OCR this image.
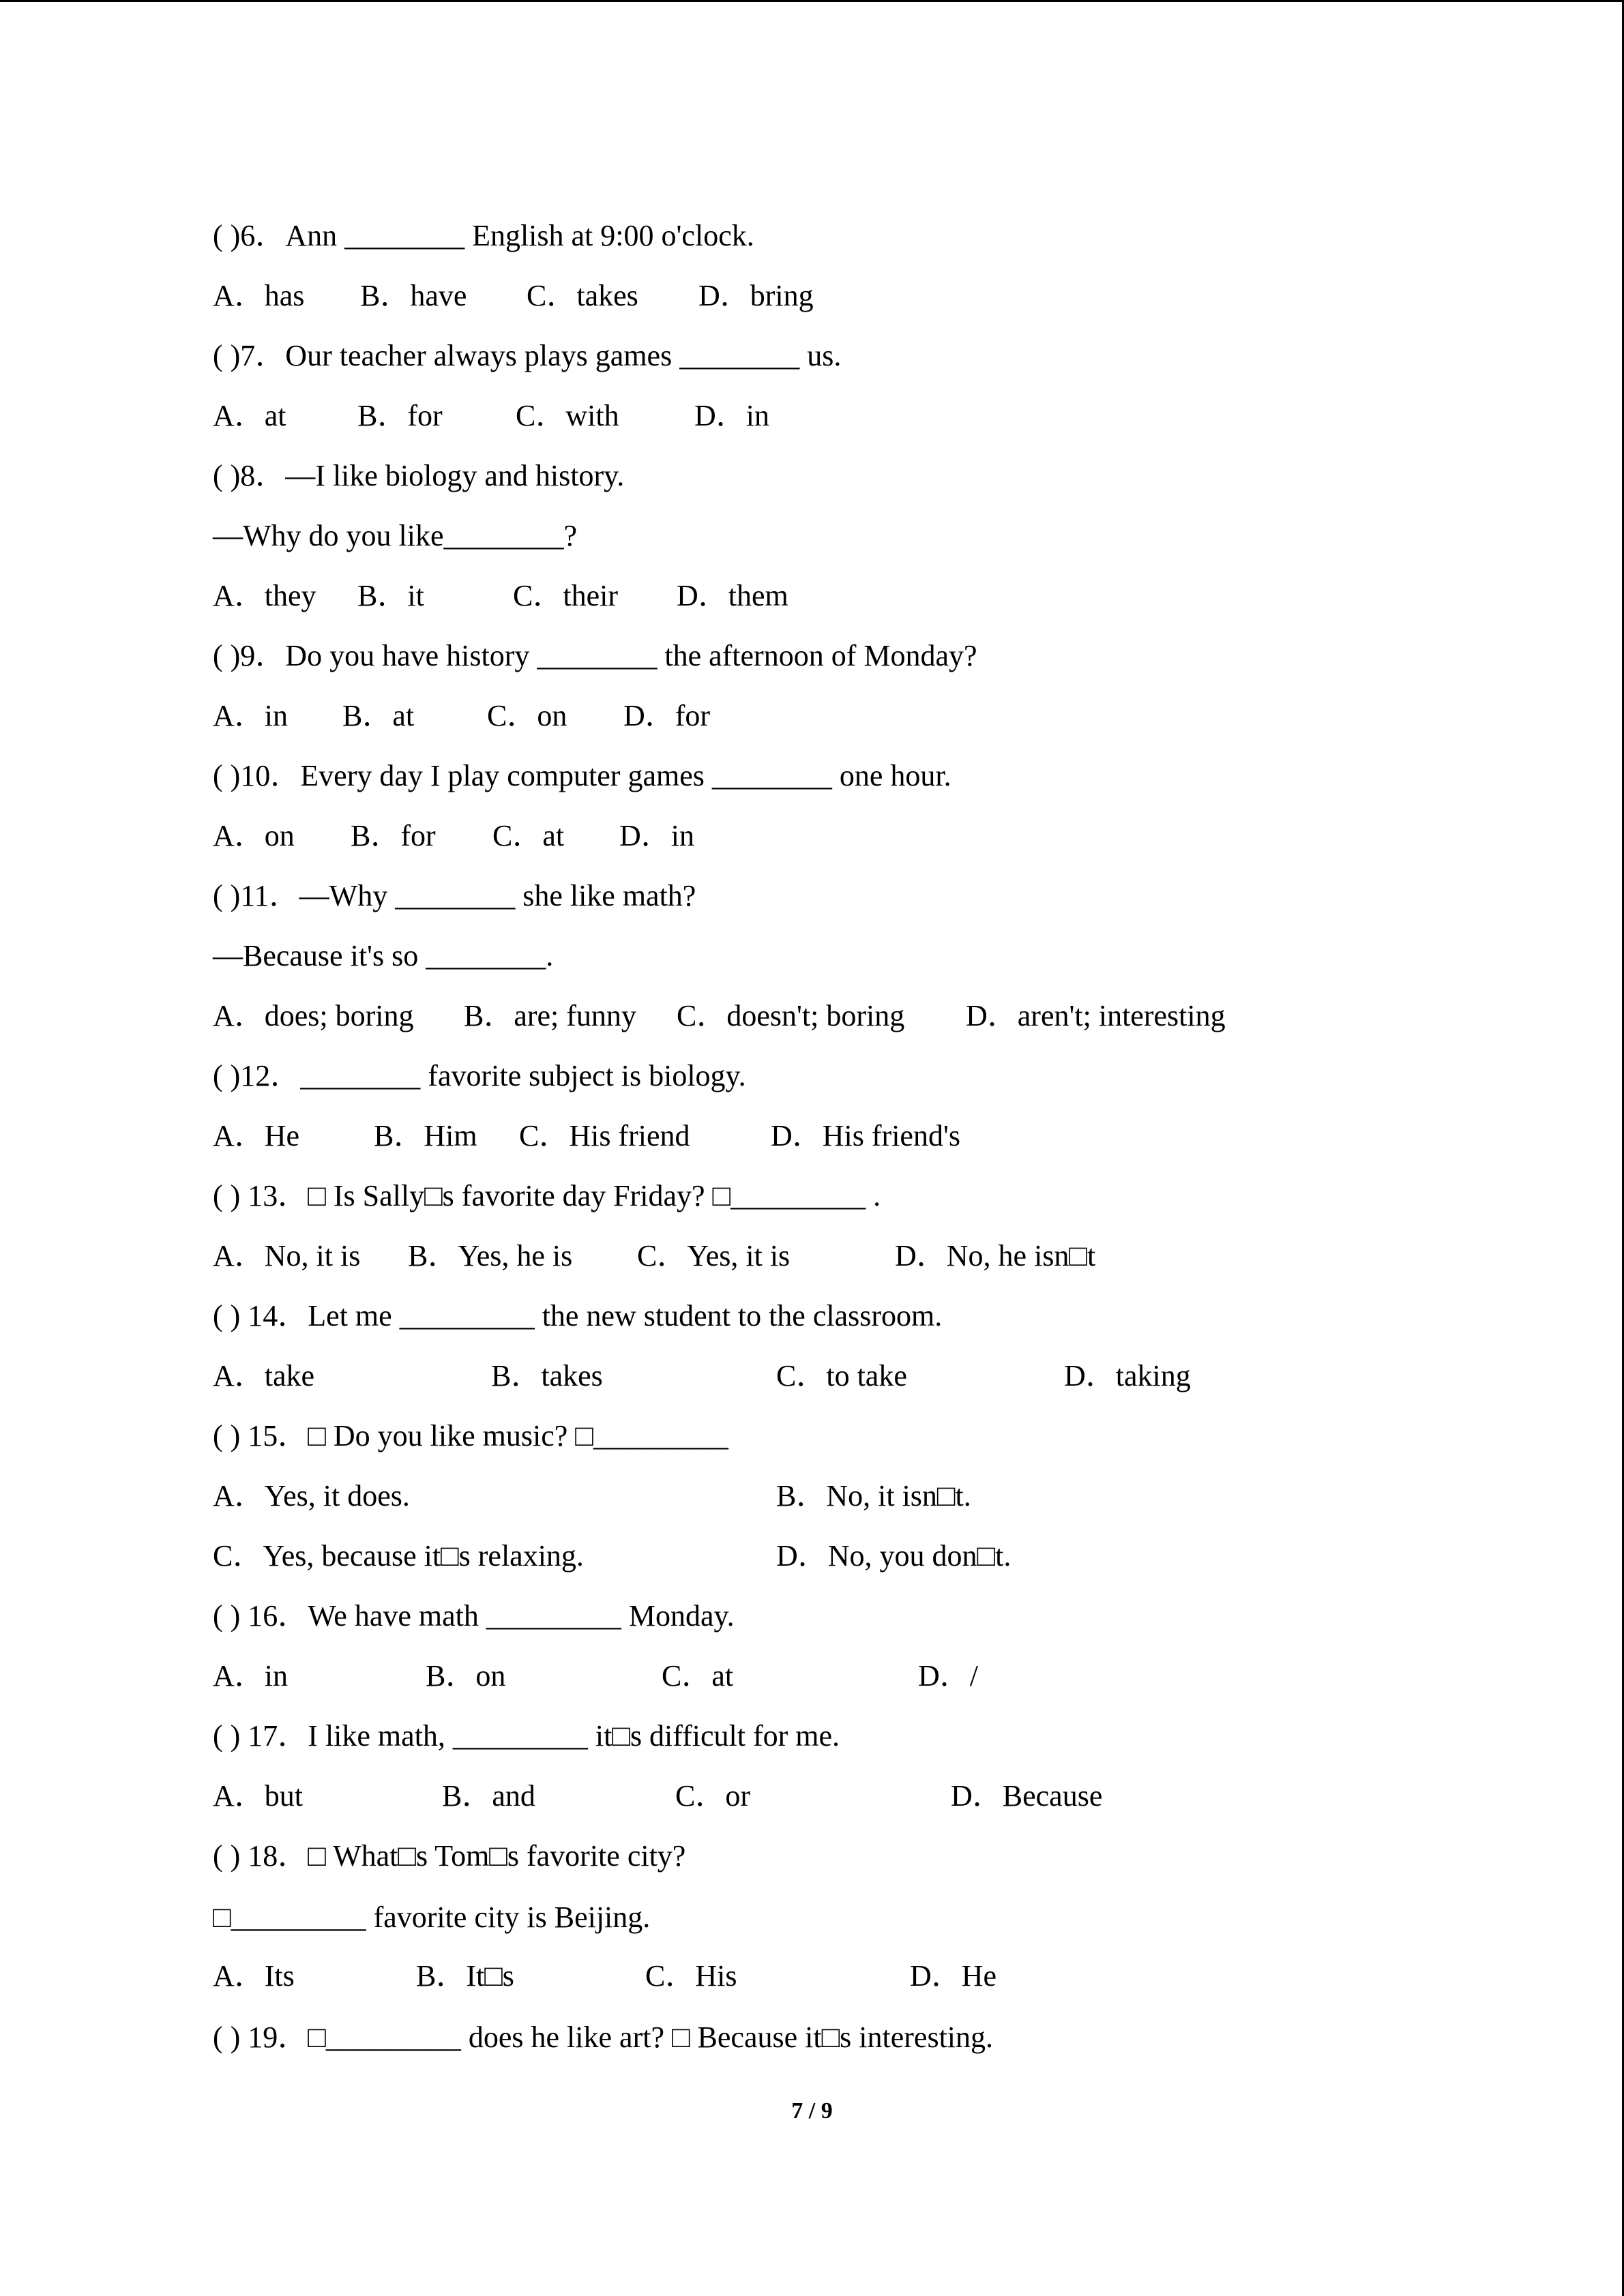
( )6．Ann ________ English at 9:00 o'clock.
A．has B．have C．takes D．bring
( )7．Our teacher always plays games ________ us.
A．at B．for C．with	D．in
( )8．—I like biology and history.
—Why do you like________?
A．they B．it	C．their D．them
( )9．Do you have history ________ the afternoon of Monday?
A．in B．at C．on D．for
( )10．Every day I play computer games ________ one hour.
A．on B．for C．at D．in
( )11．—Why ________ she like math?
—Because it's so ________.
A．does; boring B．are; funny C．doesn't; boring D．aren't; interesting
( )12．________ favorite subject is biology.
A．He B．Him C．His friend	D．His friend's
( ) 13．□ Is Sally□s favorite day Friday? □_________ .
A．No, it is B．Yes, he is C．Yes, it is	D．No, he isn□t
( ) 14．Let me _________ the new student to the classroom.
A．take	B．takes	C．to take	D．taking
( ) 15．□ Do you like music? □_________
A．Yes, it does.	B．No, it isn□t.
C．Yes, because it□s relaxing.	D．No, you don□t.
( ) 16．We have math _________ Monday.
A．in	B．on	C．at	D．/
( ) 17．I like math, _________ it□s difficult for me.
A．but	B．and	C．or	D．Because
( ) 18．□ What□s Tom□s favorite city?
□_________ favorite city is Beijing.
A．Its	B．It□s	C．His	D．He
( ) 19．□_________ does he like art? □ Because it□s interesting.
7 / 9
